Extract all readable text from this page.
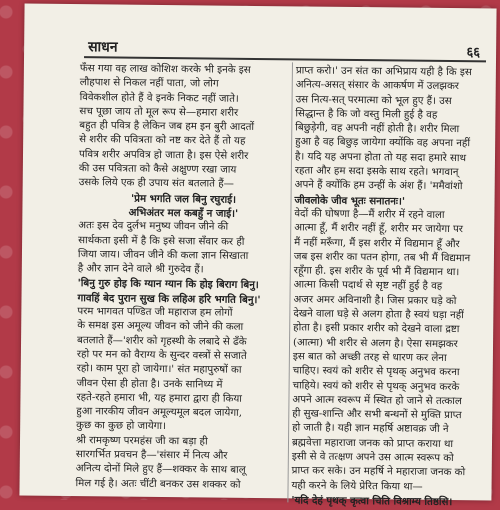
साधन	६६
फँस गया वह लाख कोशिश करके भी इनके इस
लौहपाश से निकल नहीं पाता, जो लोग
विवेकशील होते हैं वे इनके निकट नहीं जाते।
सच पूछा जाय तो मूल रूप से—हमारा शरीर
बहुत ही पवित्र है लेकिन जब हम इन बुरी आदतों
से शरीर की पवित्रता को नष्ट कर देते हैं तो यह
पवित्र शरीर अपवित्र हो जाता है। इस ऐसे शरीर
की उस पवित्रता को कैसे अक्षुण्ण रखा जाय
उसके लिये एक ही उपाय संत बतलाते हैं—
'प्रेम भगति जल बिनु रघुराई।
अभिअंतर मल कबहुँ न जाई।'
अतः इस देव दुर्लभ मनुष्य जीवन जीने की
सार्थकता इसी में है कि इसे सजा सँवार कर ही
जिया जाय। जीवन जीने की कला ज्ञान सिखाता
है और ज्ञान देने वाले श्री गुरुदेव हैं।
'बिनु गुरु होइ कि ग्यान ग्यान कि होइ बिराग बिनु।
गावहिं बेद पुरान सुख कि लहिअ हरि भगति बिनु।'
परम भागवत पण्डित जी महाराज हम लोगों
के समक्ष इस अमूल्य जीवन को जीने की कला
बतलाते हैं—'शरीर को गृहस्थी के लबादे से ढँके
रहो पर मन को वैराग्य के सुन्दर वस्त्रों से सजाते
रहो। काम पूरा हो जायेगा।' संत महापुरुषों का
जीवन ऐसा ही होता है। उनके सानिध्य में
रहते-रहते हमारा भी, यह हमारा द्वारा ही किया
हुआ नारकीय जीवन अमूल्यमूल बदल जायेगा,
कुछ का कुछ हो जायेगा।
श्री रामकृष्ण परमहंस जी का बड़ा ही
सारगर्भित प्रवचन है—'संसार में नित्य और
अनित्य दोनों मिले हुए हैं—शक्कर के साथ बालू
मिल गई है। अतः चींटी बनकर उस शक्कर को
प्राप्त करो।' उन संत का अभिप्राय यही है कि इस
अनित्य-असत् संसार के आकर्षण में उलझकर
उस नित्य-सत् परमात्मा को भूल हुए हैं। उस
सिद्धान्त है कि जो वस्तु मिली हुई है वह
बिछुड़ेगी, वह अपनी नहीं होती है। शरीर मिला
हुआ है वह बिछुड़ जायेगा क्योंकि वह अपना नहीं
है। यदि यह अपना होता तो यह सदा हमारे साथ
रहता और हम सदा इसके साथ रहते। भगवान्
अपने हैं क्योंकि हम उन्हीं के अंश हैं। 'ममैवांशो
जीवलोके जीव भूतः सनातनः।'
वेदों की घोषणा है—मैं शरीर में रहने वाला
आत्मा हूँ, मैं शरीर नहीं हूँ, शरीर मर जायेगा पर
मैं नहीं मरूँगा, मैं इस शरीर में विद्यमान हूँ और
जब इस शरीर का पतन होगा, तब भी मैं विद्यमान
रहूँगा ही. इस शरीर के पूर्व भी मैं विद्यमान था।
आत्मा किसी पदार्थ से सृष्ट नहीं हुई है वह
अजर अमर अविनाशी है। जिस प्रकार घड़े को
देखने वाला घड़े से अलग होता है स्वयं घड़ा नहीं
होता है। इसी प्रकार शरीर को देखने वाला द्रष्टा
(आत्मा) भी शरीर से अलग है। ऐसा समझकर
इस बात को अच्छी तरह से धारण कर लेना
चाहिए। स्वयं को शरीर से पृथक् अनुभव करना
चाहिये। स्वयं को शरीर से पृथक् अनुभव करके
अपने आत्म स्वरूप में स्थित हो जाने से तत्काल
ही सुख-शान्ति और सभी बन्धनों से मुक्ति प्राप्त
हो जाती है। यही ज्ञान महर्षि अष्टावक्र जी ने
ब्रह्मवेत्ता महाराजा जनक को प्राप्त कराया था
इसी से वे तत्क्षण अपने उस आत्म स्वरूप को
प्राप्त कर सके। उन महर्षि ने महाराजा जनक को
यही करने के लिये प्रेरित किया था—
'यदि देहं पृथक् कृत्वा चिति विश्राम्य तिष्ठसि।
